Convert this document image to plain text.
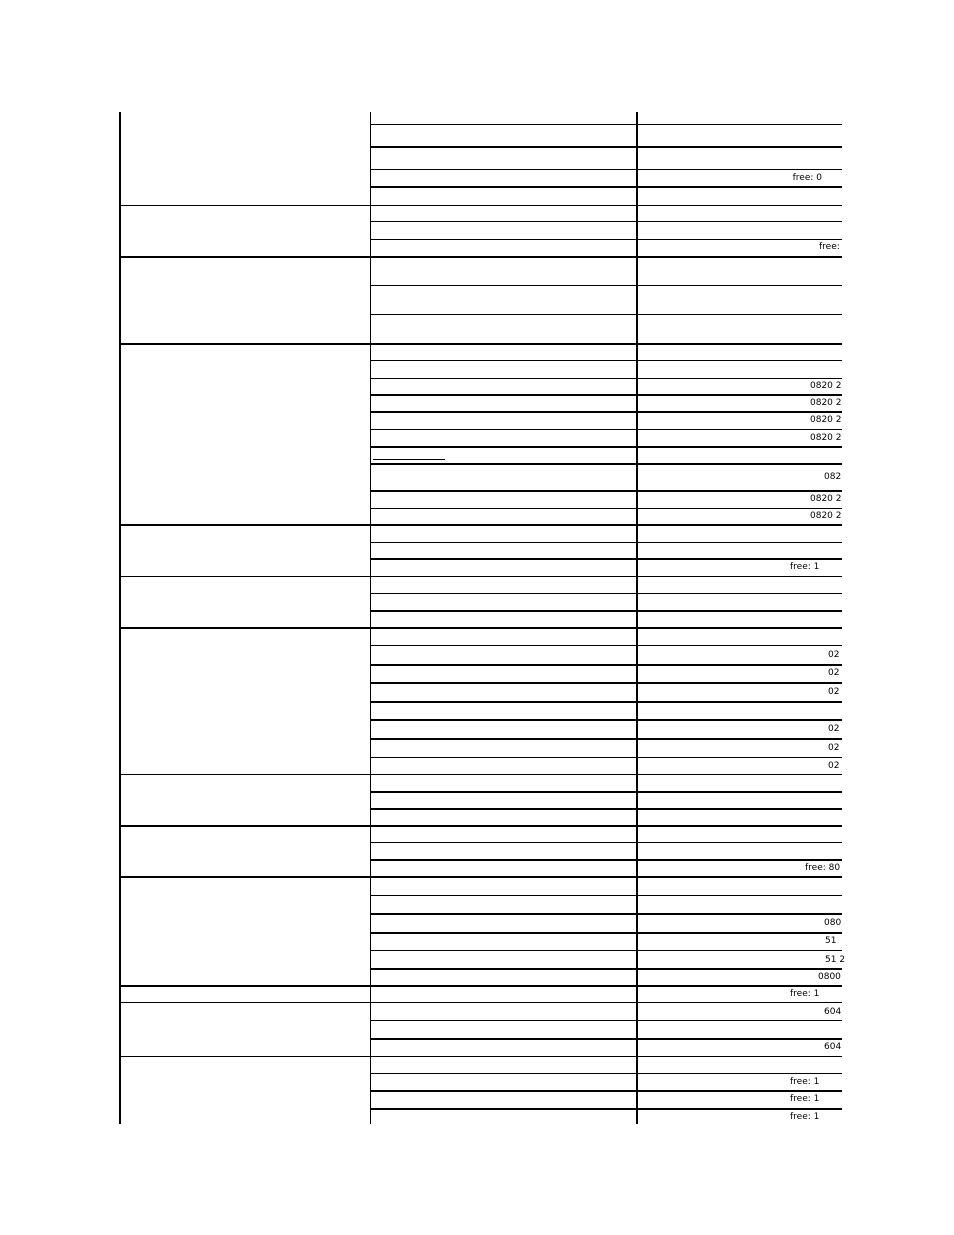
free: 0
free:
0820 2
0820 2
0820 2
0820 2
082
0820 2
0820 2
free: 1
02
02
02
02
02
02
free: 80
080
51
51 2
0800
free: 1
604
604
free: 1
free: 1
free: 1
